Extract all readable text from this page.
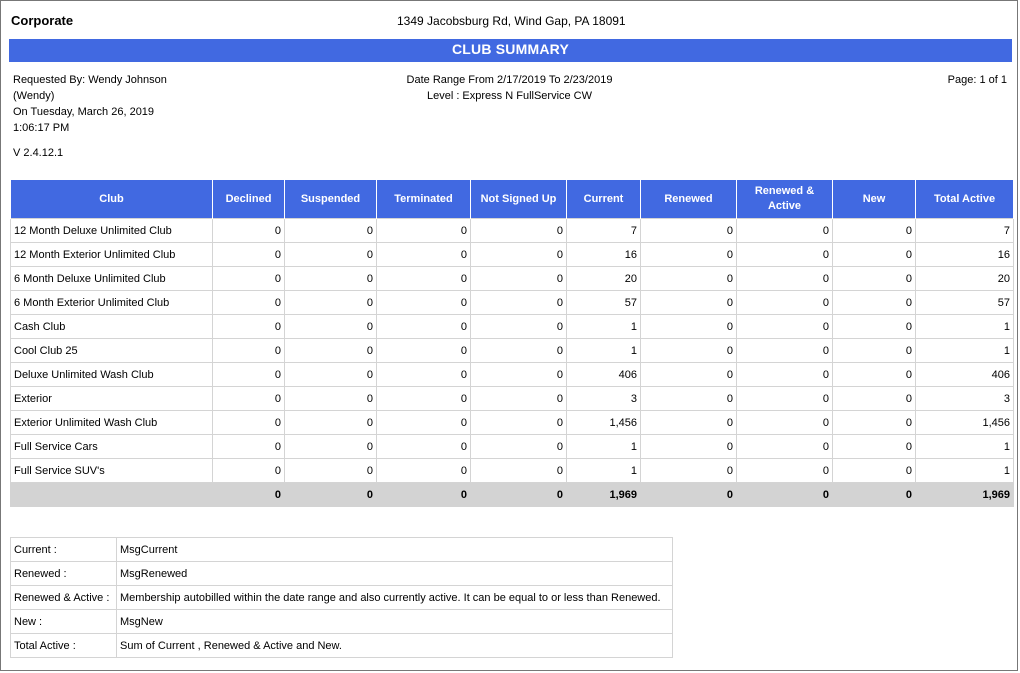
Corporate	1349 Jacobsburg Rd, Wind Gap, PA 18091
CLUB SUMMARY
Requested By: Wendy Johnson
(Wendy)
On Tuesday, March 26, 2019
1:06:17 PM
V 2.4.12.1
Date Range From 2/17/2019 To 2/23/2019
Level : Express N FullService CW
Page: 1 of 1
Club	Declined	Suspended	Terminated	Not Signed Up	Current	Renewed	Renewed & Active	New	Total Active
12 Month Deluxe Unlimited Club	0	0	0	0	7	0	0	0	7
12 Month Exterior Unlimited Club	0	0	0	0	16	0	0	0	16
6 Month Deluxe Unlimited Club	0	0	0	0	20	0	0	0	20
6 Month Exterior Unlimited Club	0	0	0	0	57	0	0	0	57
Cash Club	0	0	0	0	1	0	0	0	1
Cool Club 25	0	0	0	0	1	0	0	0	1
Deluxe Unlimited Wash Club	0	0	0	0	406	0	0	0	406
Exterior	0	0	0	0	3	0	0	0	3
Exterior Unlimited Wash Club	0	0	0	0	1,456	0	0	0	1,456
Full Service Cars	0	0	0	0	1	0	0	0	1
Full Service SUV's	0	0	0	0	1	0	0	0	1
	0	0	0	0	1,969	0	0	0	1,969
Current :	MsgCurrent
Renewed :	MsgRenewed
Renewed & Active :	Membership autobilled within the date range and also currently active. It can be equal to or less than Renewed.
New :	MsgNew
Total Active :	Sum of Current , Renewed & Active and New.
